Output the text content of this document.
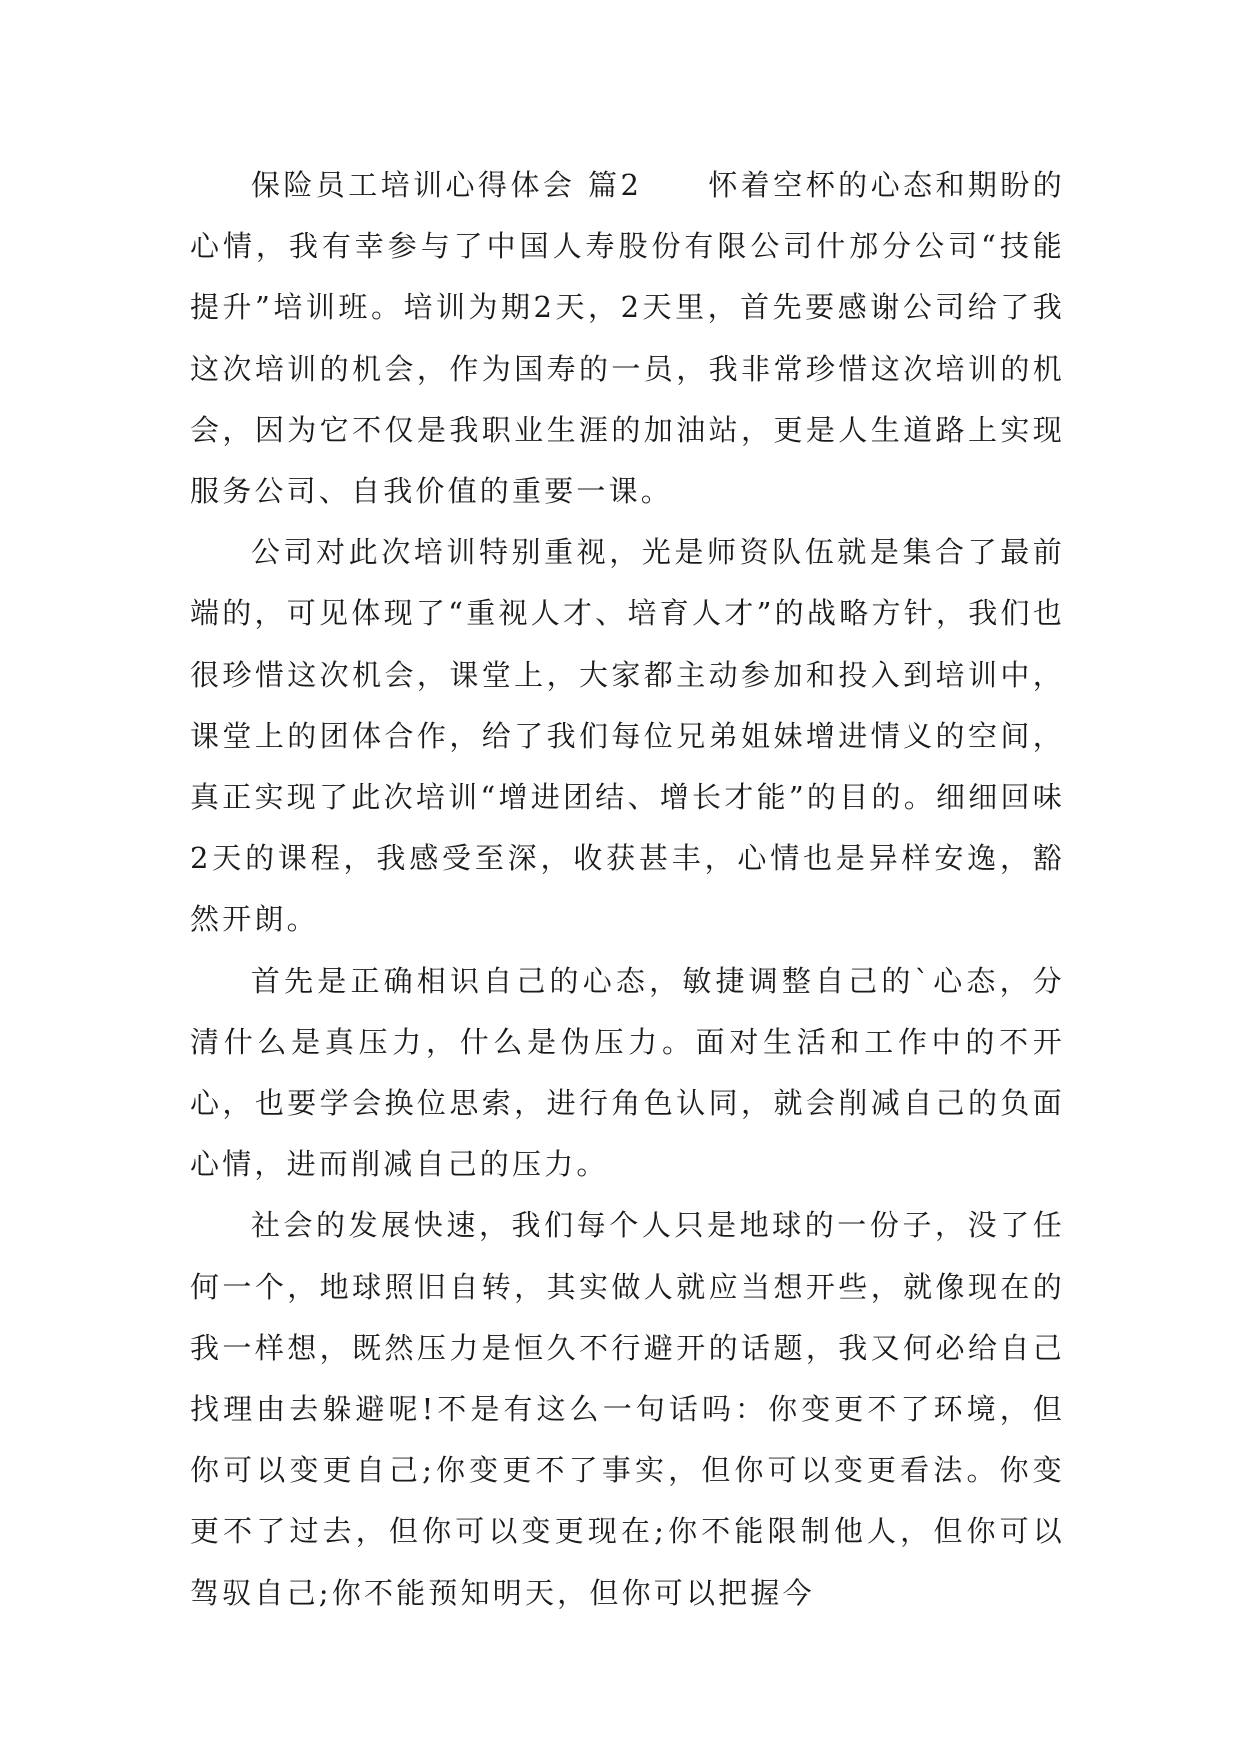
保险员工培训心得体会 篇2 怀着空杯的心态和期盼的心情，我有幸参与了中国人寿股份有限公司什邡分公司“技能提升”培训班。培训为期2天，2天里，首先要感谢公司给了我这次培训的机会，作为国寿的一员，我非常珍惜这次培训的机会，因为它不仅是我职业生涯的加油站，更是人生道路上实现服务公司、自我价值的重要一课。

公司对此次培训特别重视，光是师资队伍就是集合了最前端的，可见体现了“重视人才、培育人才”的战略方针，我们也很珍惜这次机会，课堂上，大家都主动参加和投入到培训中，课堂上的团体合作，给了我们每位兄弟姐妹增进情义的空间，真正实现了此次培训“增进团结、增长才能”的目的。细细回味2天的课程，我感受至深，收获甚丰，心情也是异样安逸，豁然开朗。

首先是正确相识自己的心态，敏捷调整自己的`心态，分清什么是真压力，什么是伪压力。面对生活和工作中的不开心，也要学会换位思索，进行角色认同，就会削减自己的负面心情，进而削减自己的压力。

社会的发展快速，我们每个人只是地球的一份子，没了任何一个，地球照旧自转，其实做人就应当想开些，就像现在的我一样想，既然压力是恒久不行避开的话题，我又何必给自己找理由去躲避呢!不是有这么一句话吗：你变更不了环境，但你可以变更自己;你变更不了事实，但你可以变更看法。你变更不了过去，但你可以变更现在;你不能限制他人，但你可以驾驭自己;你不能预知明天，但你可以把握今
